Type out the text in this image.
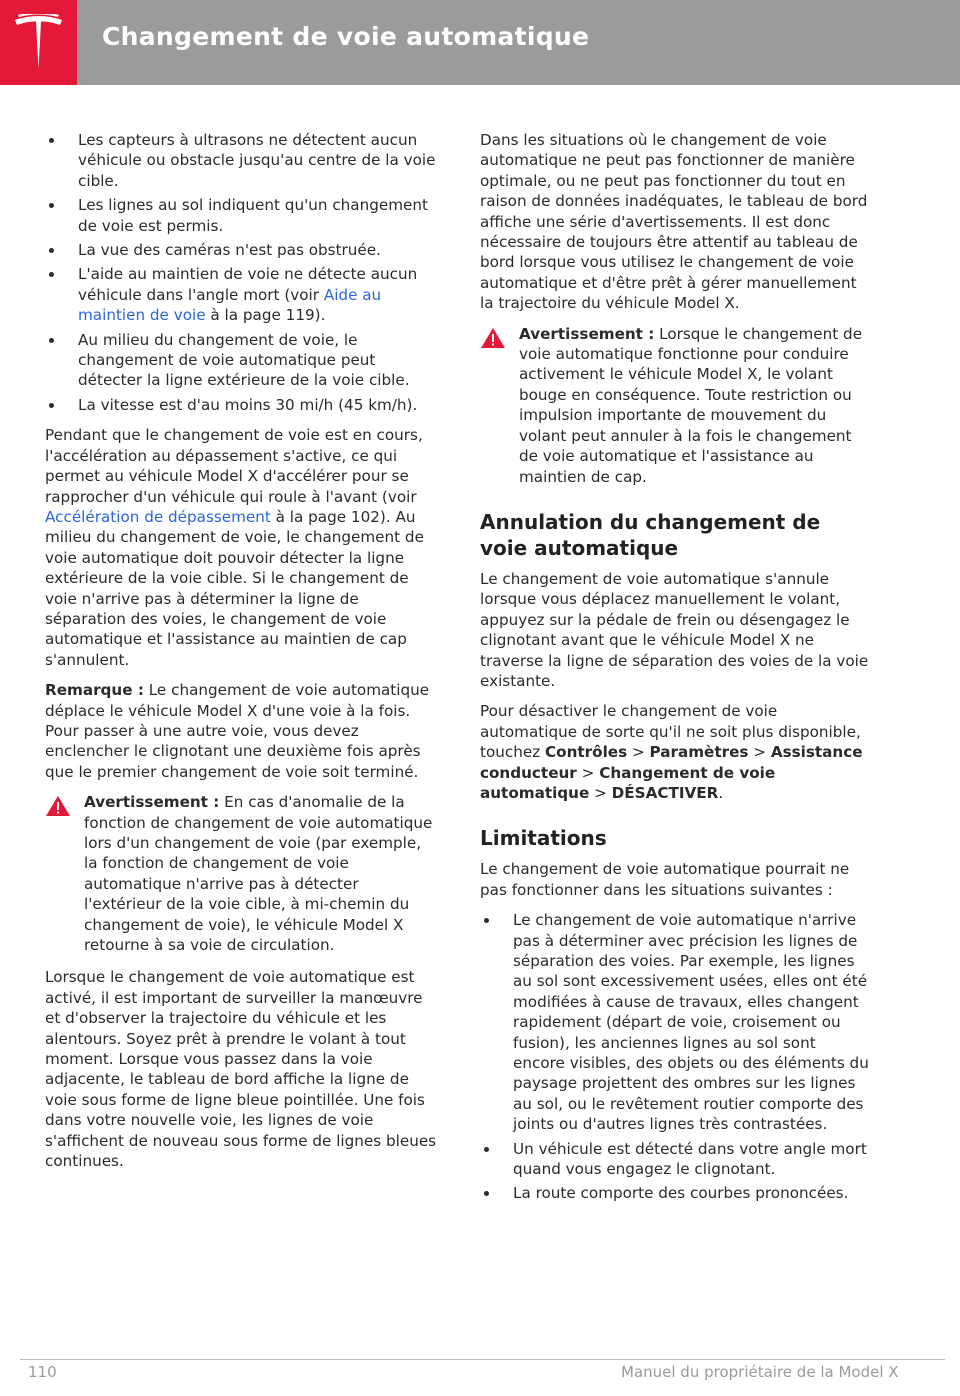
Changement de voie automatique
Les capteurs à ultrasons ne détectent aucun véhicule ou obstacle jusqu'au centre de la voie cible.
Les lignes au sol indiquent qu'un changement de voie est permis.
La vue des caméras n'est pas obstruée.
L'aide au maintien de voie ne détecte aucun véhicule dans l'angle mort (voir Aide au maintien de voie à la page 119).
Au milieu du changement de voie, le changement de voie automatique peut détecter la ligne extérieure de la voie cible.
La vitesse est d'au moins 30 mi/h (45 km/h).

Pendant que le changement de voie est en cours, l'accélération au dépassement s'active, ce qui permet au véhicule Model X d'accélérer pour se rapprocher d'un véhicule qui roule à l'avant (voir Accélération de dépassement à la page 102). Au milieu du changement de voie, le changement de voie automatique doit pouvoir détecter la ligne extérieure de la voie cible. Si le changement de voie n'arrive pas à déterminer la ligne de séparation des voies, le changement de voie automatique et l'assistance au maintien de cap s'annulent.

Remarque : Le changement de voie automatique déplace le véhicule Model X d'une voie à la fois. Pour passer à une autre voie, vous devez enclencher le clignotant une deuxième fois après que le premier changement de voie soit terminé.

Avertissement : En cas d'anomalie de la fonction de changement de voie automatique lors d'un changement de voie (par exemple, la fonction de changement de voie automatique n'arrive pas à détecter l'extérieur de la voie cible, à mi-chemin du changement de voie), le véhicule Model X retourne à sa voie de circulation.

Lorsque le changement de voie automatique est activé, il est important de surveiller la manœuvre et d'observer la trajectoire du véhicule et les alentours. Soyez prêt à prendre le volant à tout moment. Lorsque vous passez dans la voie adjacente, le tableau de bord affiche la ligne de voie sous forme de ligne bleue pointillée. Une fois dans votre nouvelle voie, les lignes de voie s'affichent de nouveau sous forme de lignes bleues continues.

Dans les situations où le changement de voie automatique ne peut pas fonctionner de manière optimale, ou ne peut pas fonctionner du tout en raison de données inadéquates, le tableau de bord affiche une série d'avertissements. Il est donc nécessaire de toujours être attentif au tableau de bord lorsque vous utilisez le changement de voie automatique et d'être prêt à gérer manuellement la trajectoire du véhicule Model X.

Avertissement : Lorsque le changement de voie automatique fonctionne pour conduire activement le véhicule Model X, le volant bouge en conséquence. Toute restriction ou impulsion importante de mouvement du volant peut annuler à la fois le changement de voie automatique et l'assistance au maintien de cap.
Annulation du changement de voie automatique

Le changement de voie automatique s'annule lorsque vous déplacez manuellement le volant, appuyez sur la pédale de frein ou désengagez le clignotant avant que le véhicule Model X ne traverse la ligne de séparation des voies de la voie existante.

Pour désactiver le changement de voie automatique de sorte qu'il ne soit plus disponible, touchez Contrôles > Paramètres > Assistance conducteur > Changement de voie automatique > DÉSACTIVER.

Limitations

Le changement de voie automatique pourrait ne pas fonctionner dans les situations suivantes :

Le changement de voie automatique n'arrive pas à déterminer avec précision les lignes de séparation des voies. Par exemple, les lignes au sol sont excessivement usées, elles ont été modifiées à cause de travaux, elles changent rapidement (départ de voie, croisement ou fusion), les anciennes lignes au sol sont encore visibles, des objets ou des éléments du paysage projettent des ombres sur les lignes au sol, ou le revêtement routier comporte des joints ou d'autres lignes très contrastées.
Un véhicule est détecté dans votre angle mort quand vous engagez le clignotant.
La route comporte des courbes prononcées.
110	Manuel du propriétaire de la Model X
